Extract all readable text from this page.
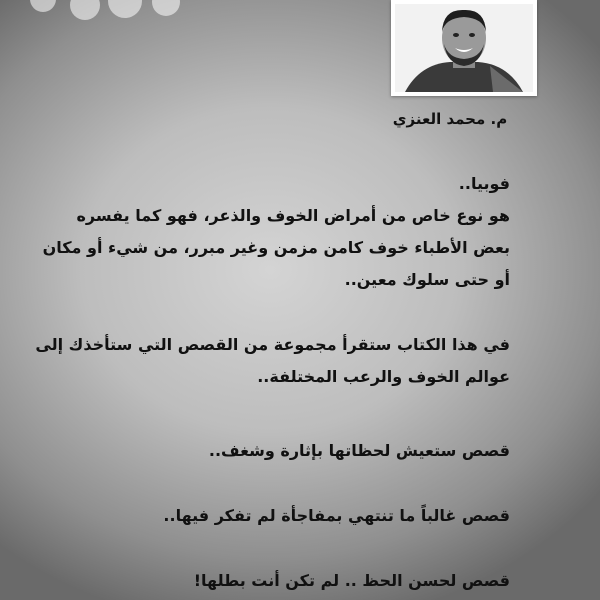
م. محمد العنزي
فوبيا..
هو نوع خاص من أمراض الخوف والذعر، فهو كما يفسره
بعض الأطباء خوف كامن مزمن وغير مبرر، من شيء أو مكان
أو حتى سلوك معين..
في هذا الكتاب ستقرأ مجموعة من القصص التي ستأخذك إلى
عوالم الخوف والرعب المختلفة..
قصص ستعيش لحظاتها بإثارة وشغف..
قصص غالباً ما تنتهي بمفاجأة لم تفكر فيها..
قصص لحسن الحظ .. لم تكن أنت بطلها!
